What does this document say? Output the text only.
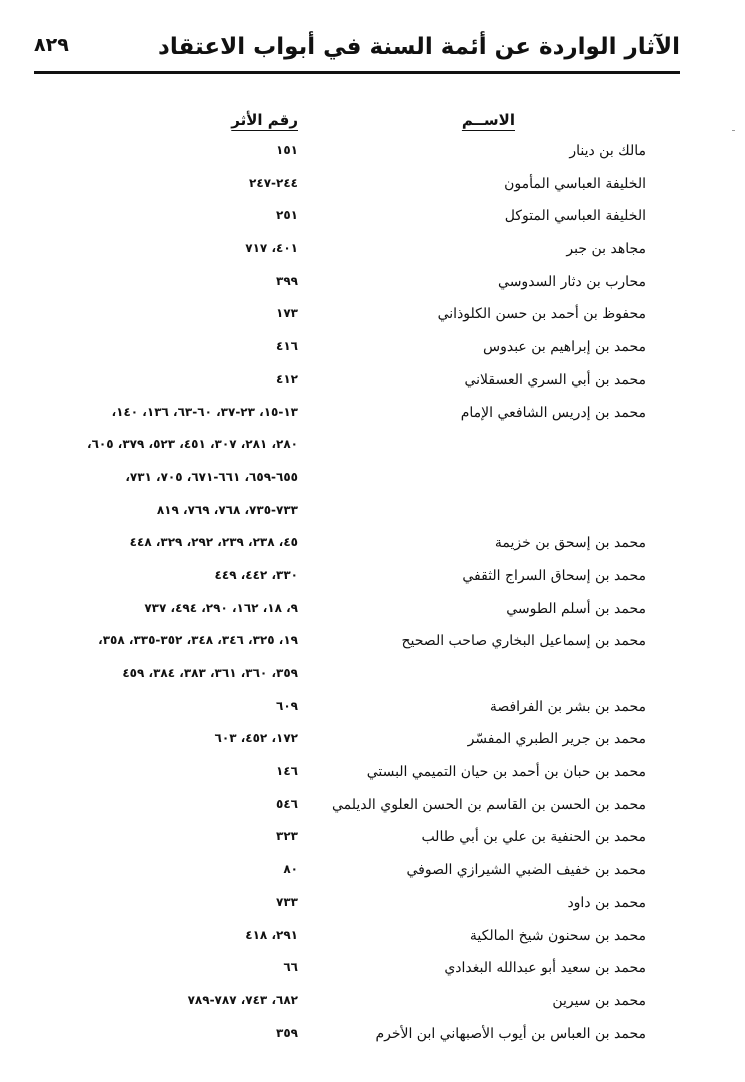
الآثار الواردة عن أئمة السنة في أبواب الاعتقاد
٨٢٩
الاســم
رقم الأثر
مالك بن دينار
١٥١
الخليفة العباسي المأمون
٢٤٤-٢٤٧
الخليفة العباسي المتوكل
٢٥١
مجاهد بن جبر
٤٠١، ٧١٧
محارب بن دثار السدوسي
٣٩٩
محفوظ بن أحمد بن حسن الكلوذاني
١٧٣
محمد بن إبراهيم بن عبدوس
٤١٦
محمد بن أبي السري العسقلاني
٤١٢
محمد بن إدريس الشافعي الإمام
١٣-١٥، ٢٣-٣٧، ٦٠-٦٣، ١٣٦، ١٤٠،
٢٨٠، ٢٨١، ٣٠٧، ٤٥١، ٥٢٣، ٣٧٩، ٦٠٥،
٦٥٥-٦٥٩، ٦٦١-٦٧١، ٧٠٥، ٧٣١،
٧٣٣-٧٣٥، ٧٦٨، ٧٦٩، ٨١٩
محمد بن إسحق بن خزيمة
٤٥، ٢٣٨، ٢٣٩، ٢٩٢، ٣٢٩، ٤٤٨
محمد بن إسحاق السراج الثقفي
٣٣٠، ٤٤٢، ٤٤٩
محمد بن أسلم الطوسي
٩، ١٨، ١٦٢، ٢٩٠، ٤٩٤، ٧٣٧
محمد بن إسماعيل البخاري صاحب الصحيح
١٩، ٣٢٥، ٣٤٦، ٣٤٨، ٣٥٢-٣٣٥، ٣٥٨،
٣٥٩، ٣٦٠، ٣٦١، ٣٨٣، ٣٨٤، ٤٥٩
محمد بن بشر بن الفرافصة
٦٠٩
محمد بن جرير الطبري المفسّر
١٧٢، ٤٥٢، ٦٠٣
محمد بن حبان بن أحمد بن حيان التميمي البستي
١٤٦
محمد بن الحسن بن القاسم بن الحسن العلوي الديلمي
٥٤٦
محمد بن الحنفية بن علي بن أبي طالب
٣٢٣
محمد بن خفيف الضبي الشيرازي الصوفي
٨٠
محمد بن داود
٧٣٣
محمد بن سحنون شيخ المالكية
٢٩١، ٤١٨
محمد بن سعيد أبو عبدالله البغدادي
٦٦
محمد بن سيرين
٦٨٢، ٧٤٣، ٧٨٧-٧٨٩
محمد بن العباس بن أيوب الأصبهاني ابن الأخرم
٣٥٩
